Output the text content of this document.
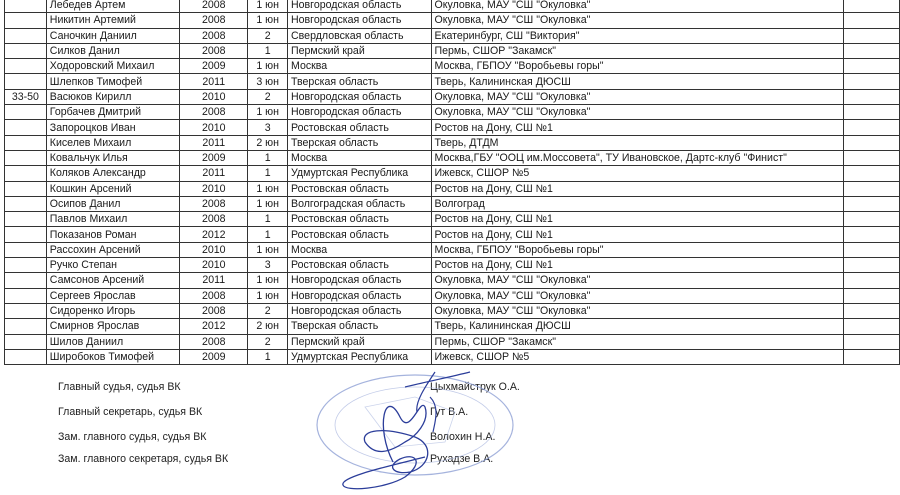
	Лебедев Артем	2008	1 юн	Новгородская область	Окуловка, МАУ "СШ "Окуловка"	
	Никитин Артемий	2008	1 юн	Новгородская область	Окуловка, МАУ "СШ "Окуловка"	
	Саночкин Даниил	2008	2	Свердловская область	Екатеринбург, СШ "Виктория"	
	Силков Данил	2008	1	Пермский край	Пермь, СШОР "Закамск"	
	Ходоровский Михаил	2009	1 юн	Москва	Москва, ГБПОУ "Воробьевы горы"	
	Шлепков Тимофей	2011	3 юн	Тверская область	Тверь, Калининская ДЮСШ	
33-50	Васюков Кирилл	2010	2	Новгородская область	Окуловка, МАУ "СШ "Окуловка"	
	Горбачев Дмитрий	2008	1 юн	Новгородская область	Окуловка, МАУ "СШ "Окуловка"	
	Запороцков Иван	2010	3	Ростовская область	Ростов на Дону, СШ №1	
	Киселев Михаил	2011	2 юн	Тверская область	Тверь, ДТДМ	
	Ковальчук Илья	2009	1	Москва	Москва,ГБУ "ООЦ им.Моссовета", ТУ Ивановское, Дартс-клуб "Финист"	
	Коляков Александр	2011	1	Удмуртская Республика	Ижевск, СШОР №5	
	Кошкин Арсений	2010	1 юн	Ростовская область	Ростов на Дону, СШ №1	
	Осипов Данил	2008	1 юн	Волгоградская область	Волгоград	
	Павлов Михаил	2008	1	Ростовская область	Ростов на Дону, СШ №1	
	Показанов Роман	2012	1	Ростовская область	Ростов на Дону, СШ №1	
	Рассохин Арсений	2010	1 юн	Москва	Москва, ГБПОУ "Воробьевы горы"	
	Ручко Степан	2010	3	Ростовская область	Ростов на Дону, СШ №1	
	Самсонов Арсений	2011	1 юн	Новгородская область	Окуловка, МАУ "СШ "Окуловка"	
	Сергеев Ярослав	2008	1 юн	Новгородская область	Окуловка, МАУ "СШ "Окуловка"	
	Сидоренко Игорь	2008	2	Новгородская область	Окуловка, МАУ "СШ "Окуловка"	
	Смирнов Ярослав	2012	2 юн	Тверская область	Тверь, Калининская ДЮСШ	
	Шилов Даниил	2008	2	Пермский край	Пермь, СШОР "Закамск"	
	Широбоков Тимофей	2009	1	Удмуртская Республика	Ижевск, СШОР №5	
Главный судья, судья ВК	Цыхмайструк О.А.
Главный секретарь, судья ВК	Гут В.А.
Зам. главного судья, судья ВК	Волохин Н.А.
Зам. главного секретаря, судья ВК	Рухадзе В.А.
